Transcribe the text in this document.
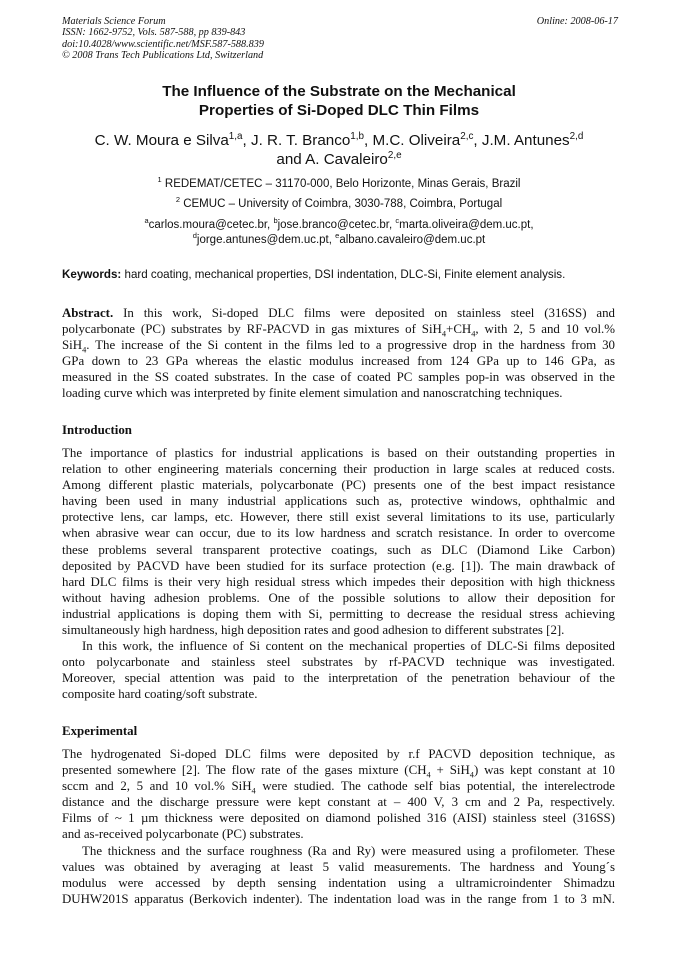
Materials Science Forum
ISSN: 1662-9752, Vols. 587-588, pp 839-843
doi:10.4028/www.scientific.net/MSF.587-588.839
© 2008 Trans Tech Publications Ltd, Switzerland
Online: 2008-06-17
The Influence of the Substrate on the Mechanical
Properties of Si-Doped DLC Thin Films
C. W. Moura e Silva$^{1,a}$, J. R. T. Branco$^{1,b}$, M.C. Oliveira$^{2,c}$, J.M. Antunes$^{2,d}$
and A. Cavaleiro$^{2,e}$
$^1$ REDEMAT/CETEC – 31170-000, Belo Horizonte, Minas Gerais, Brazil
$^2$ CEMUC – University of Coimbra, 3030-788, Coimbra, Portugal
$^a$carlos.moura@cetec.br, $^b$jose.branco@cetec.br, $^c$marta.oliveira@dem.uc.pt,
$^d$jorge.antunes@dem.uc.pt, $^e$albano.cavaleiro@dem.uc.pt
Keywords: hard coating, mechanical properties, DSI indentation, DLC-Si, Finite element analysis.
Abstract. In this work, Si-doped DLC films were deposited on stainless steel (316SS) and
polycarbonate (PC) substrates by RF-PACVD in gas mixtures of $SiH_4+CH_4$, with 2, 5 and 10 vol.%
SiH$_4$. The increase of the Si content in the films led to a progressive drop in the hardness from 30
GPa down to 23 GPa whereas the elastic modulus increased from 124 GPa up to 146 GPa, as
measured in the SS coated substrates. In the case of coated PC samples pop-in was observed in the
loading curve which was interpreted by finite element simulation and nanoscratching techniques.
Introduction
The importance of plastics for industrial applications is based on their outstanding properties in
relation to other engineering materials concerning their production in large scales at reduced costs.
Among different plastic materials, polycarbonate (PC) presents one of the best impact resistance
having been used in many industrial applications such as, protective windows, ophthalmic and
protective lens, car lamps, etc. However, there still exist several limitations to its use, particularly
when abrasive wear can occur, due to its low hardness and scratch resistance. In order to overcome
these problems several transparent protective coatings, such as DLC (Diamond Like Carbon)
deposited by PACVD have been studied for its surface protection (e.g. [1]). The main drawback of
hard DLC films is their very high residual stress which impedes their deposition with high thickness
without having adhesion problems. One of the possible solutions to allow their deposition for
industrial applications is doping them with Si, permitting to decrease the residual stress achieving
simultaneously high hardness, high deposition rates and good adhesion to different substrates [2].
In this work, the influence of Si content on the mechanical properties of DLC-Si films deposited
onto polycarbonate and stainless steel substrates by rf-PACVD technique was investigated.
Moreover, special attention was paid to the interpretation of the penetration behaviour of the
composite hard coating/soft substrate.
Experimental
The hydrogenated Si-doped DLC films were deposited by r.f PACVD deposition technique, as
presented somewhere [2]. The flow rate of the gases mixture $(CH_4 + SiH_4)$ was kept constant at 10
sccm and 2, 5 and 10 vol.% SiH$_4$ were studied. The cathode self bias potential, the interelectrode
distance and the discharge pressure were kept constant at – 400 V, 3 cm and 2 Pa, respectively.
Films of ~ 1 µm thickness were deposited on diamond polished 316 (AISI) stainless steel (316SS)
and as-received polycarbonate (PC) substrates.
The thickness and the surface roughness (Ra and Ry) were measured using a profilometer. These
values was obtained by averaging at least 5 valid measurements. The hardness and Young´s
modulus were accessed by depth sensing indentation using a ultramicroindenter Shimadzu
DUHW201S apparatus (Berkovich indenter). The indentation load was in the range from 1 to 3 mN.
